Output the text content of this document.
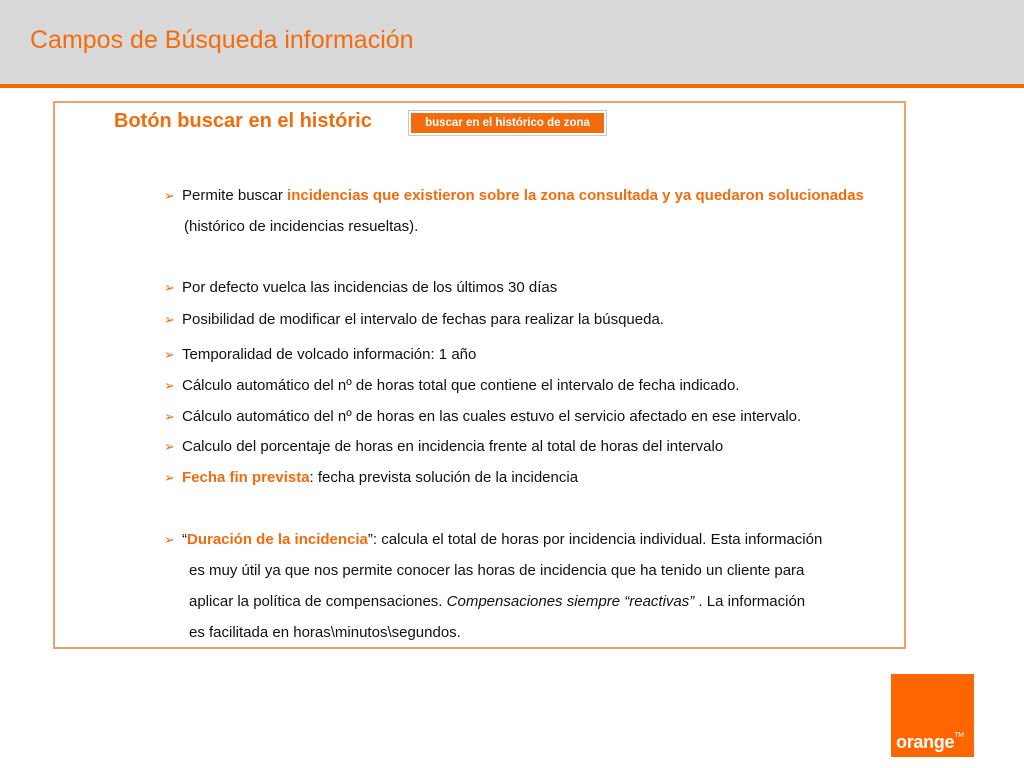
Campos de Búsqueda información
Botón buscar en el históric	buscar en el histórico de zona
➢ Permite buscar incidencias que existieron sobre la zona consultada y ya quedaron solucionadas
(histórico de incidencias resueltas).
➢ Por defecto vuelca las incidencias de los últimos 30 días
➢ Posibilidad de modificar el intervalo de fechas para realizar la búsqueda.
➢ Temporalidad de volcado información: 1 año
➢ Cálculo automático del nº de horas total que contiene el intervalo de fecha indicado.
➢ Cálculo automático del nº de horas en las cuales estuvo el servicio afectado en ese intervalo.
➢ Calculo del porcentaje de horas en incidencia frente al total de horas del intervalo
➢ Fecha fin prevista: fecha prevista solución de la incidencia
➢ “Duración de la incidencia”: calcula el total de horas por incidencia individual. Esta información
es muy útil ya que nos permite conocer las horas de incidencia que ha tenido un cliente para
aplicar la política de compensaciones. Compensaciones siempre “reactivas” . La información
es facilitada en horas\minutos\segundos.
orange™
